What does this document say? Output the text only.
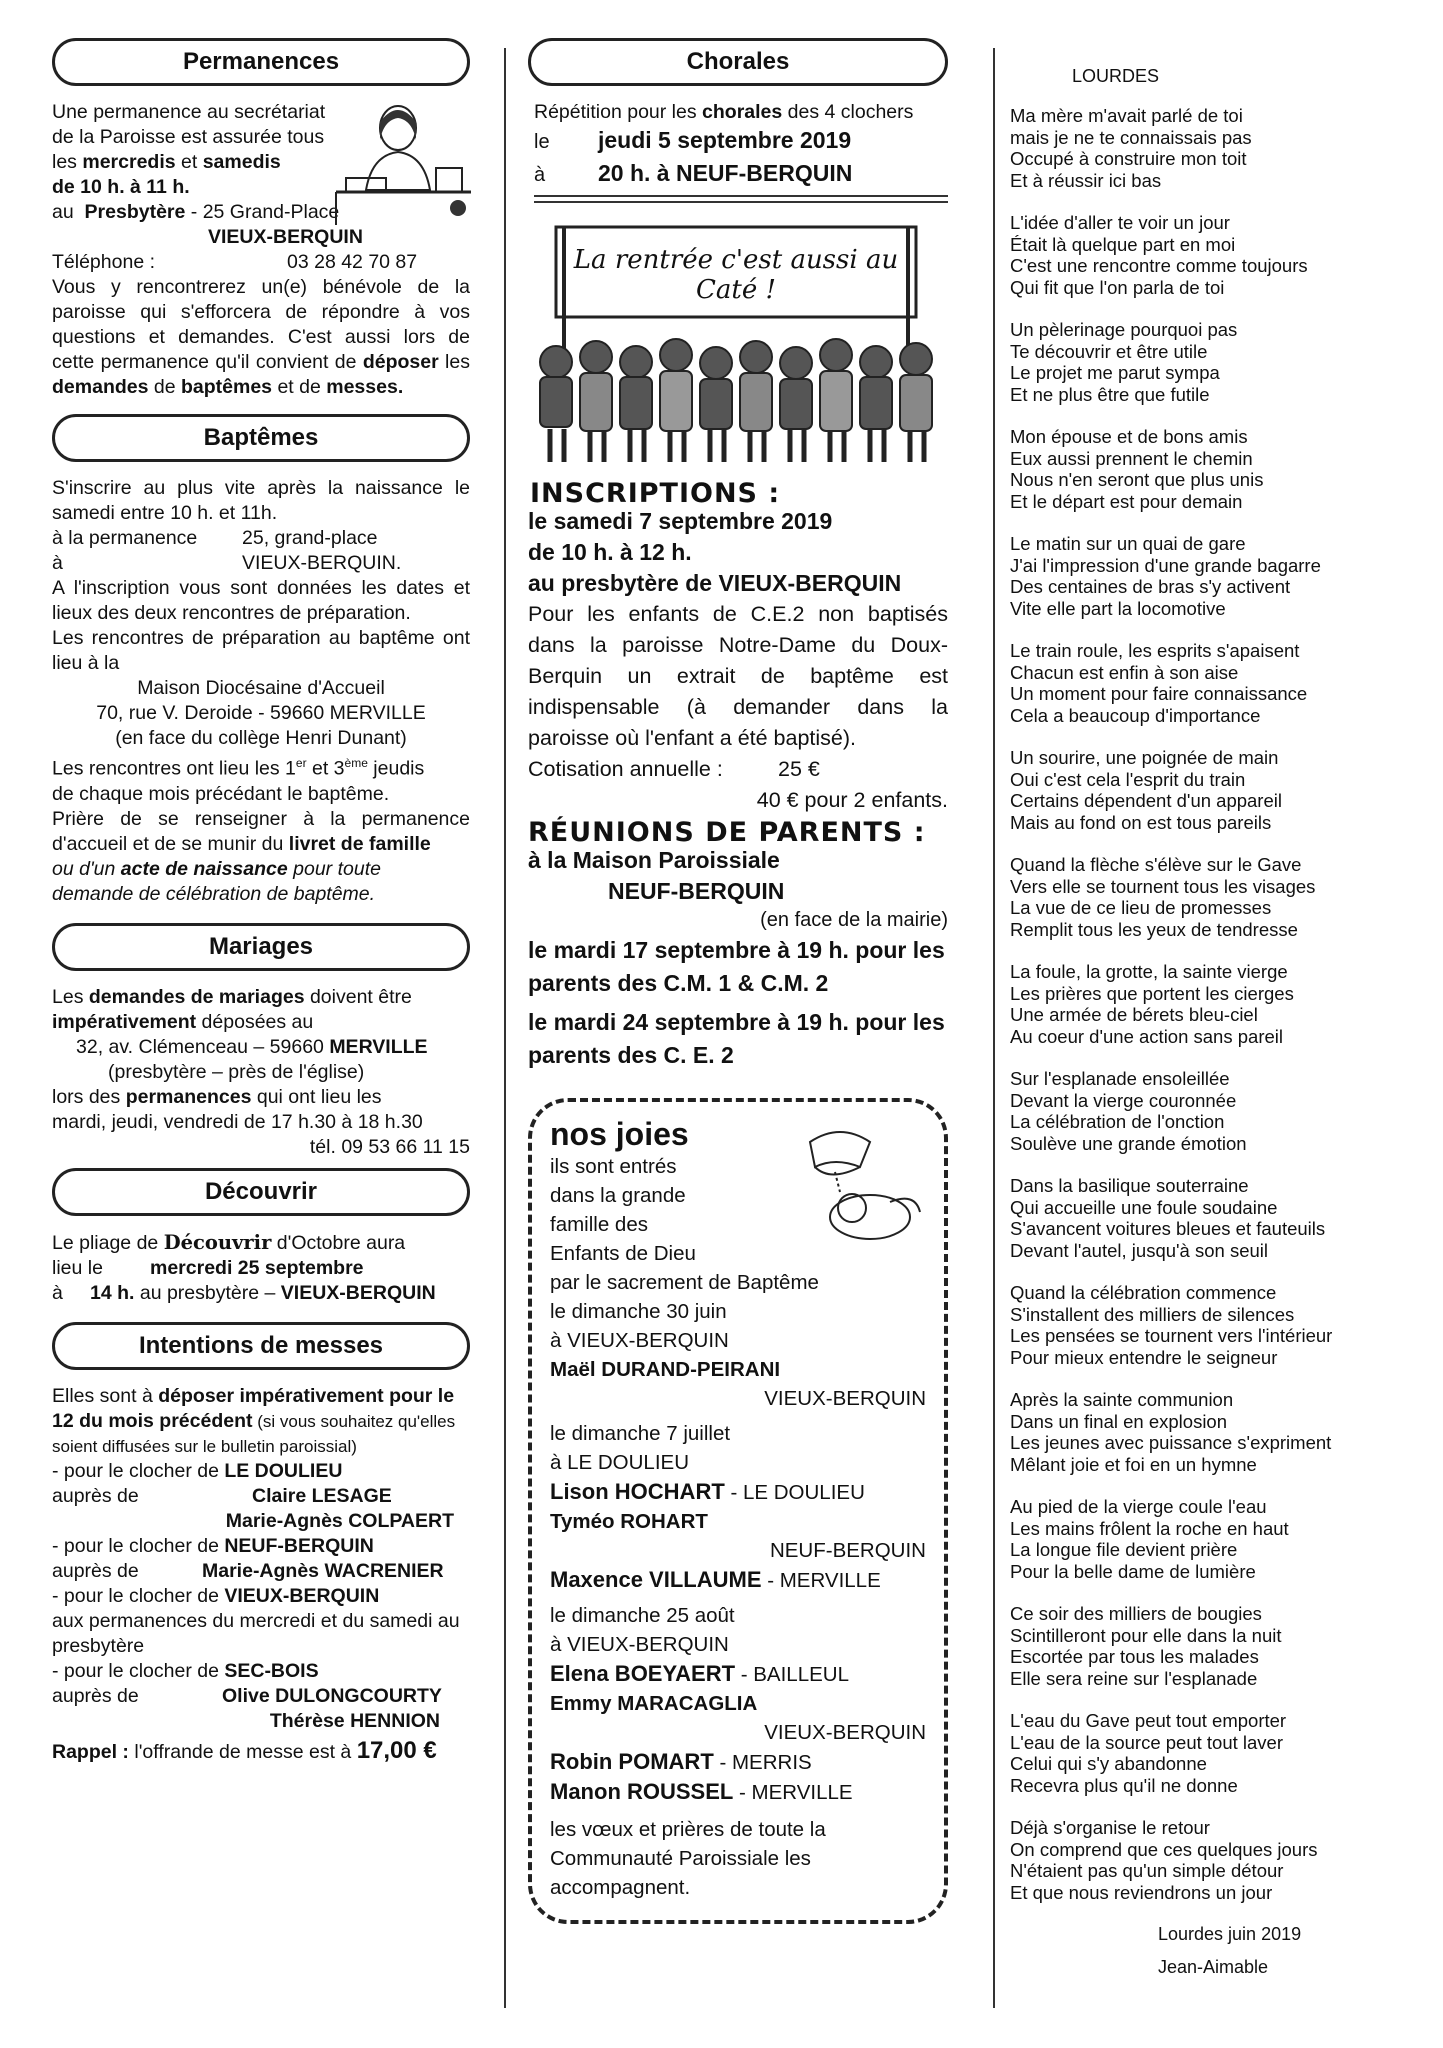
Permanences

Une permanence au secrétariat

de la Paroisse est assurée tous

les mercredis et samedis

de 10 h. à 11 h.

au Presbytère - 25 Grand-Place

VIEUX-BERQUIN

Téléphone :	03 28 42 70 87

Vous y rencontrerez un(e) bénévole de la paroisse qui s'efforcera de répondre à vos questions et demandes. C'est aussi lors de cette permanence qu'il convient de déposer les demandes de baptêmes et de messes.

Baptêmes

S'inscrire au plus vite après la naissance le samedi entre 10 h. et 11h.

à la permanence 25, grand-place

à	VIEUX-BERQUIN.

A l'inscription vous sont données les dates et lieux des deux rencontres de préparation.

Les rencontres de préparation au baptême ont lieu à la

Maison Diocésaine d'Accueil

70, rue V. Deroide - 59660 MERVILLE

(en face du collège Henri Dunant)

Les rencontres ont lieu les 1er et 3ème jeudis

de chaque mois précédant le baptême.

Prière de se renseigner à la permanence d'accueil et de se munir du livret de famille

ou d'un acte de naissance pour toute

demande de célébration de baptême.

Mariages

Les demandes de mariages doivent être

impérativement déposées au

32, av. Clémenceau – 59660 MERVILLE

(presbytère – près de l'église)

lors des permanences qui ont lieu les

mardi, jeudi, vendredi de 17 h.30 à 18 h.30

tél. 09 53 66 11 15

Découvrir

Le pliage de Découvrir d'Octobre aura

lieu le mercredi 25 septembre

à 14 h. au presbytère – VIEUX-BERQUIN

Intentions de messes

Elles sont à déposer impérativement pour le 12 du mois précédent (si vous souhaitez qu'elles soient diffusées sur le bulletin paroissial)

- pour le clocher de LE DOULIEU

auprès de	Claire LESAGE

Marie-Agnès COLPAERT

- pour le clocher de NEUF-BERQUIN

auprès de	Marie-Agnès WACRENIER

- pour le clocher de VIEUX-BERQUIN

aux permanences du mercredi et du samedi au presbytère

- pour le clocher de SEC-BOIS

auprès de	Olive DULONGCOURTY

Thérèse HENNION

Rappel : l'offrande de messe est à 17,00 €

Chorales

Répétition pour les chorales des 4 clochers

le jeudi 5 septembre 2019

à 20 h. à NEUF-BERQUIN

La rentrée c'est aussi au Caté !

INSCRIPTIONS :

le samedi 7 septembre 2019

de 10 h. à 12 h.

au presbytère de VIEUX-BERQUIN

Pour les enfants de C.E.2 non baptisés dans la paroisse Notre-Dame du Doux-Berquin un extrait de baptême est indispensable (à demander dans la paroisse où l'enfant a été baptisé).

Cotisation annuelle :	25 €

40 € pour 2 enfants.

RÉUNIONS DE PARENTS :

à la Maison Paroissiale

NEUF-BERQUIN

(en face de la mairie)

le mardi 17 septembre à 19 h. pour les parents des C.M. 1 & C.M. 2

le mardi 24 septembre à 19 h. pour les parents des C. E. 2

nos joies

ils sont entrés

dans la grande

famille des

Enfants de Dieu

par le sacrement de Baptême

le dimanche 30 juin

à VIEUX-BERQUIN

Maël DURAND-PEIRANI

VIEUX-BERQUIN

le dimanche 7 juillet

à LE DOULIEU

Lison HOCHART - LE DOULIEU

Tyméo ROHART

NEUF-BERQUIN

Maxence VILLAUME - MERVILLE

le dimanche 25 août

à VIEUX-BERQUIN

Elena BOEYAERT - BAILLEUL

Emmy MARACAGLIA

VIEUX-BERQUIN

Robin POMART - MERRIS

Manon ROUSSEL - MERVILLE

les vœux et prières de toute la Communauté Paroissiale les accompagnent.

LOURDES

Ma mère m'avait parlé de toi
mais je ne te connaissais pas
Occupé à construire mon toit
Et à réussir ici bas
L'idée d'aller te voir un jour
Était là quelque part en moi
C'est une rencontre comme toujours
Qui fit que l'on parla de toi
Un pèlerinage pourquoi pas
Te découvrir et être utile
Le projet me parut sympa
Et ne plus être que futile
Mon épouse et de bons amis
Eux aussi prennent le chemin
Nous n'en seront que plus unis
Et le départ est pour demain
Le matin sur un quai de gare
J'ai l'impression d'une grande bagarre
Des centaines de bras s'y activent
Vite elle part la locomotive
Le train roule, les esprits s'apaisent
Chacun est enfin à son aise
Un moment pour faire connaissance
Cela a beaucoup d'importance
Un sourire, une poignée de main
Oui c'est cela l'esprit du train
Certains dépendent d'un appareil
Mais au fond on est tous pareils
Quand la flèche s'élève sur le Gave
Vers elle se tournent tous les visages
La vue de ce lieu de promesses
Remplit tous les yeux de tendresse
La foule, la grotte, la sainte vierge
Les prières que portent les cierges
Une armée de bérets bleu-ciel
Au coeur d'une action sans pareil
Sur l'esplanade ensoleillée
Devant la vierge couronnée
La célébration de l'onction
Soulève une grande émotion
Dans la basilique souterraine
Qui accueille une foule soudaine
S'avancent voitures bleues et fauteuils
Devant l'autel, jusqu'à son seuil
Quand la célébration commence
S'installent des milliers de silences
Les pensées se tournent vers l'intérieur
Pour mieux entendre le seigneur
Après la sainte communion
Dans un final en explosion
Les jeunes avec puissance s'expriment
Mêlant joie et foi en un hymne
Au pied de la vierge coule l'eau
Les mains frôlent la roche en haut
La longue file devient prière
Pour la belle dame de lumière
Ce soir des milliers de bougies
Scintilleront pour elle dans la nuit
Escortée par tous les malades
Elle sera reine sur l'esplanade
L'eau du Gave peut tout emporter
L'eau de la source peut tout laver
Celui qui s'y abandonne
Recevra plus qu'il ne donne
Déjà s'organise le retour
On comprend que ces quelques jours
N'étaient pas qu'un simple détour
Et que nous reviendrons un jour

Lourdes juin 2019

Jean-Aimable
